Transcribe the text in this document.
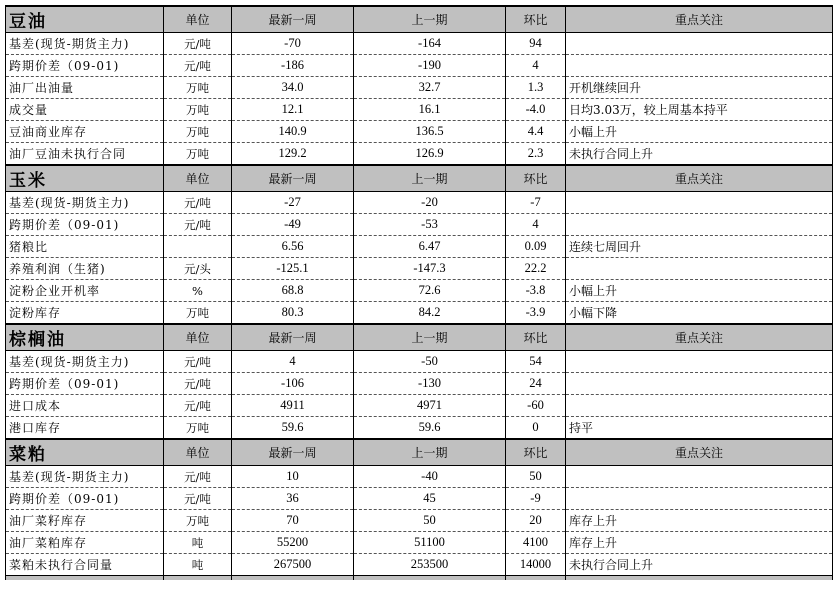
豆油	单位	最新一周	上一期	环比	重点关注
基差(现货-期货主力)	元/吨	-70	-164	94	
跨期价差（09-01)	元/吨	-186	-190	4	
油厂出油量	万吨	34.0	32.7	1.3	开机继续回升
成交量	万吨	12.1	16.1	-4.0	日均3.03万，较上周基本持平
豆油商业库存	万吨	140.9	136.5	4.4	小幅上升
油厂豆油未执行合同	万吨	129.2	126.9	2.3	未执行合同上升
玉米	单位	最新一周	上一期	环比	重点关注
基差(现货-期货主力)	元/吨	-27	-20	-7	
跨期价差（09-01)	元/吨	-49	-53	4	
猪粮比		6.56	6.47	0.09	连续七周回升
养殖利润（生猪)	元/头	-125.1	-147.3	22.2	
淀粉企业开机率	%	68.8	72.6	-3.8	小幅上升
淀粉库存	万吨	80.3	84.2	-3.9	小幅下降
棕榈油	单位	最新一周	上一期	环比	重点关注
基差(现货-期货主力)	元/吨	4	-50	54	
跨期价差（09-01)	元/吨	-106	-130	24	
进口成本	元/吨	4911	4971	-60	
港口库存	万吨	59.6	59.6	0	持平
菜粕	单位	最新一周	上一期	环比	重点关注
基差(现货-期货主力)	元/吨	10	-40	50	
跨期价差（09-01)	元/吨	36	45	-9	
油厂菜籽库存	万吨	70	50	20	库存上升
油厂菜粕库存	吨	55200	51100	4100	库存上升
菜粕未执行合同量	吨	267500	253500	14000	未执行合同上升
